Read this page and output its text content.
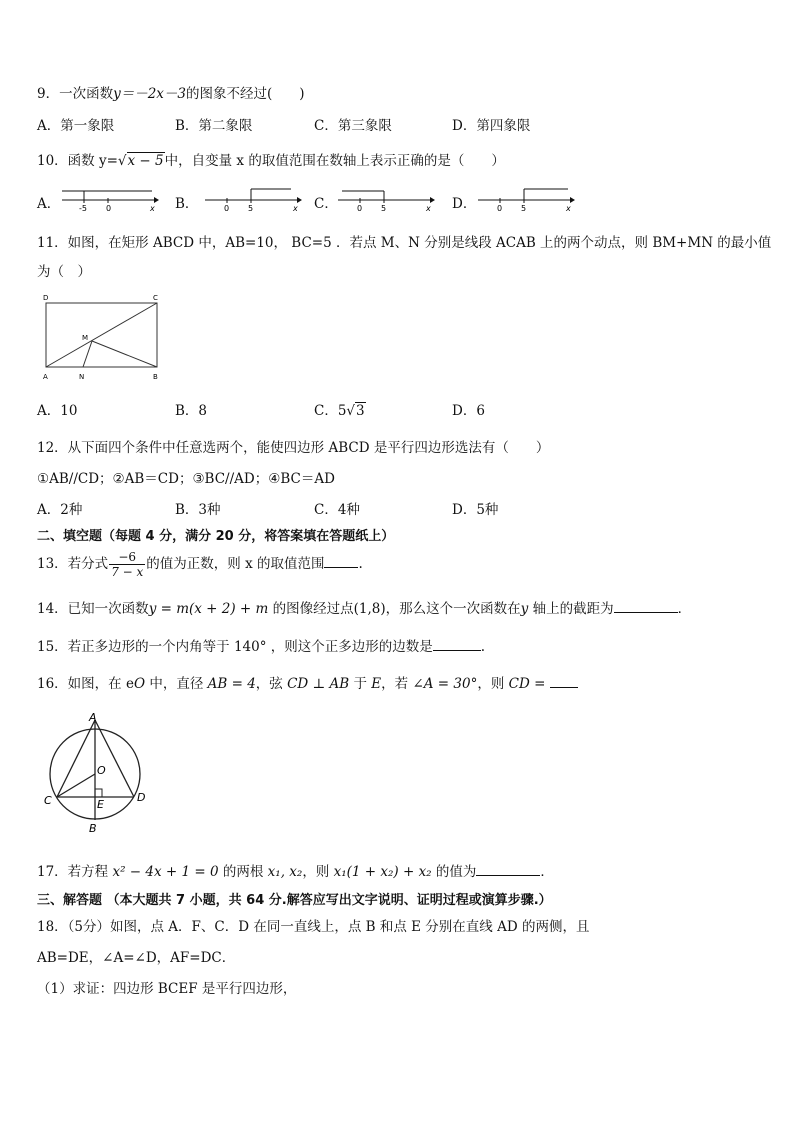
9．一次函数y＝－2x－3的图象不经过(　　)
A．第一象限	B．第二象限	C．第三象限	D．第四象限
10．函数 y=√x − 5中，自变量 x 的取值范围在数轴上表示正确的是（　　）
A． -5 0	x B．	0 5	x C． 0 5	x D．	0 5	x
11．如图，在矩形 ABCD 中，AB=10， BC=5 ．若点 M、N 分别是线段 ACAB 上的两个动点，则 BM+MN 的最小值
为（　）
D	C
A	N	B
M
A．10	B．8	C．5√3	D．6
12．从下面四个条件中任意选两个，能使四边形 ABCD 是平行四边形选法有（　　）
①AB//CD；②AB＝CD；③BC//AD；④BC＝AD
A．2种	B．3种	C．4种	D．5种
二、填空题（每题 4 分，满分 20 分，将答案填在答题纸上）
13．若分式 $\frac{-6}{7 - x}$ 的值为正数，则 x 的取值范围	.
14．已知一次函数y = m(x + 2) + m 的图像经过点(1,8)，那么这个一次函数在y 轴上的截距为	．
15．若正多边形的一个内角等于 140° ，则这个正多边形的边数是	.
16．如图，在 eO 中，直径 AB = 4，弦 CD ⊥ AB 于 E，若 ∠A = 30°，则 CD =
A
O
C	E
D
B
17．若方程 x² − 4x + 1 = 0 的两根 x₁, x₂，则 x₁(1 + x₂) + x₂ 的值为	．
三、解答题 （本大题共 7 小题，共 64 分.解答应写出文字说明、证明过程或演算步骤.）
18．（5分）如图，点 A．F、C．D 在同一直线上，点 B 和点 E 分别在直线 AD 的两侧，且
AB=DE，∠A=∠D，AF=DC．
（1）求证：四边形 BCEF 是平行四边形，
